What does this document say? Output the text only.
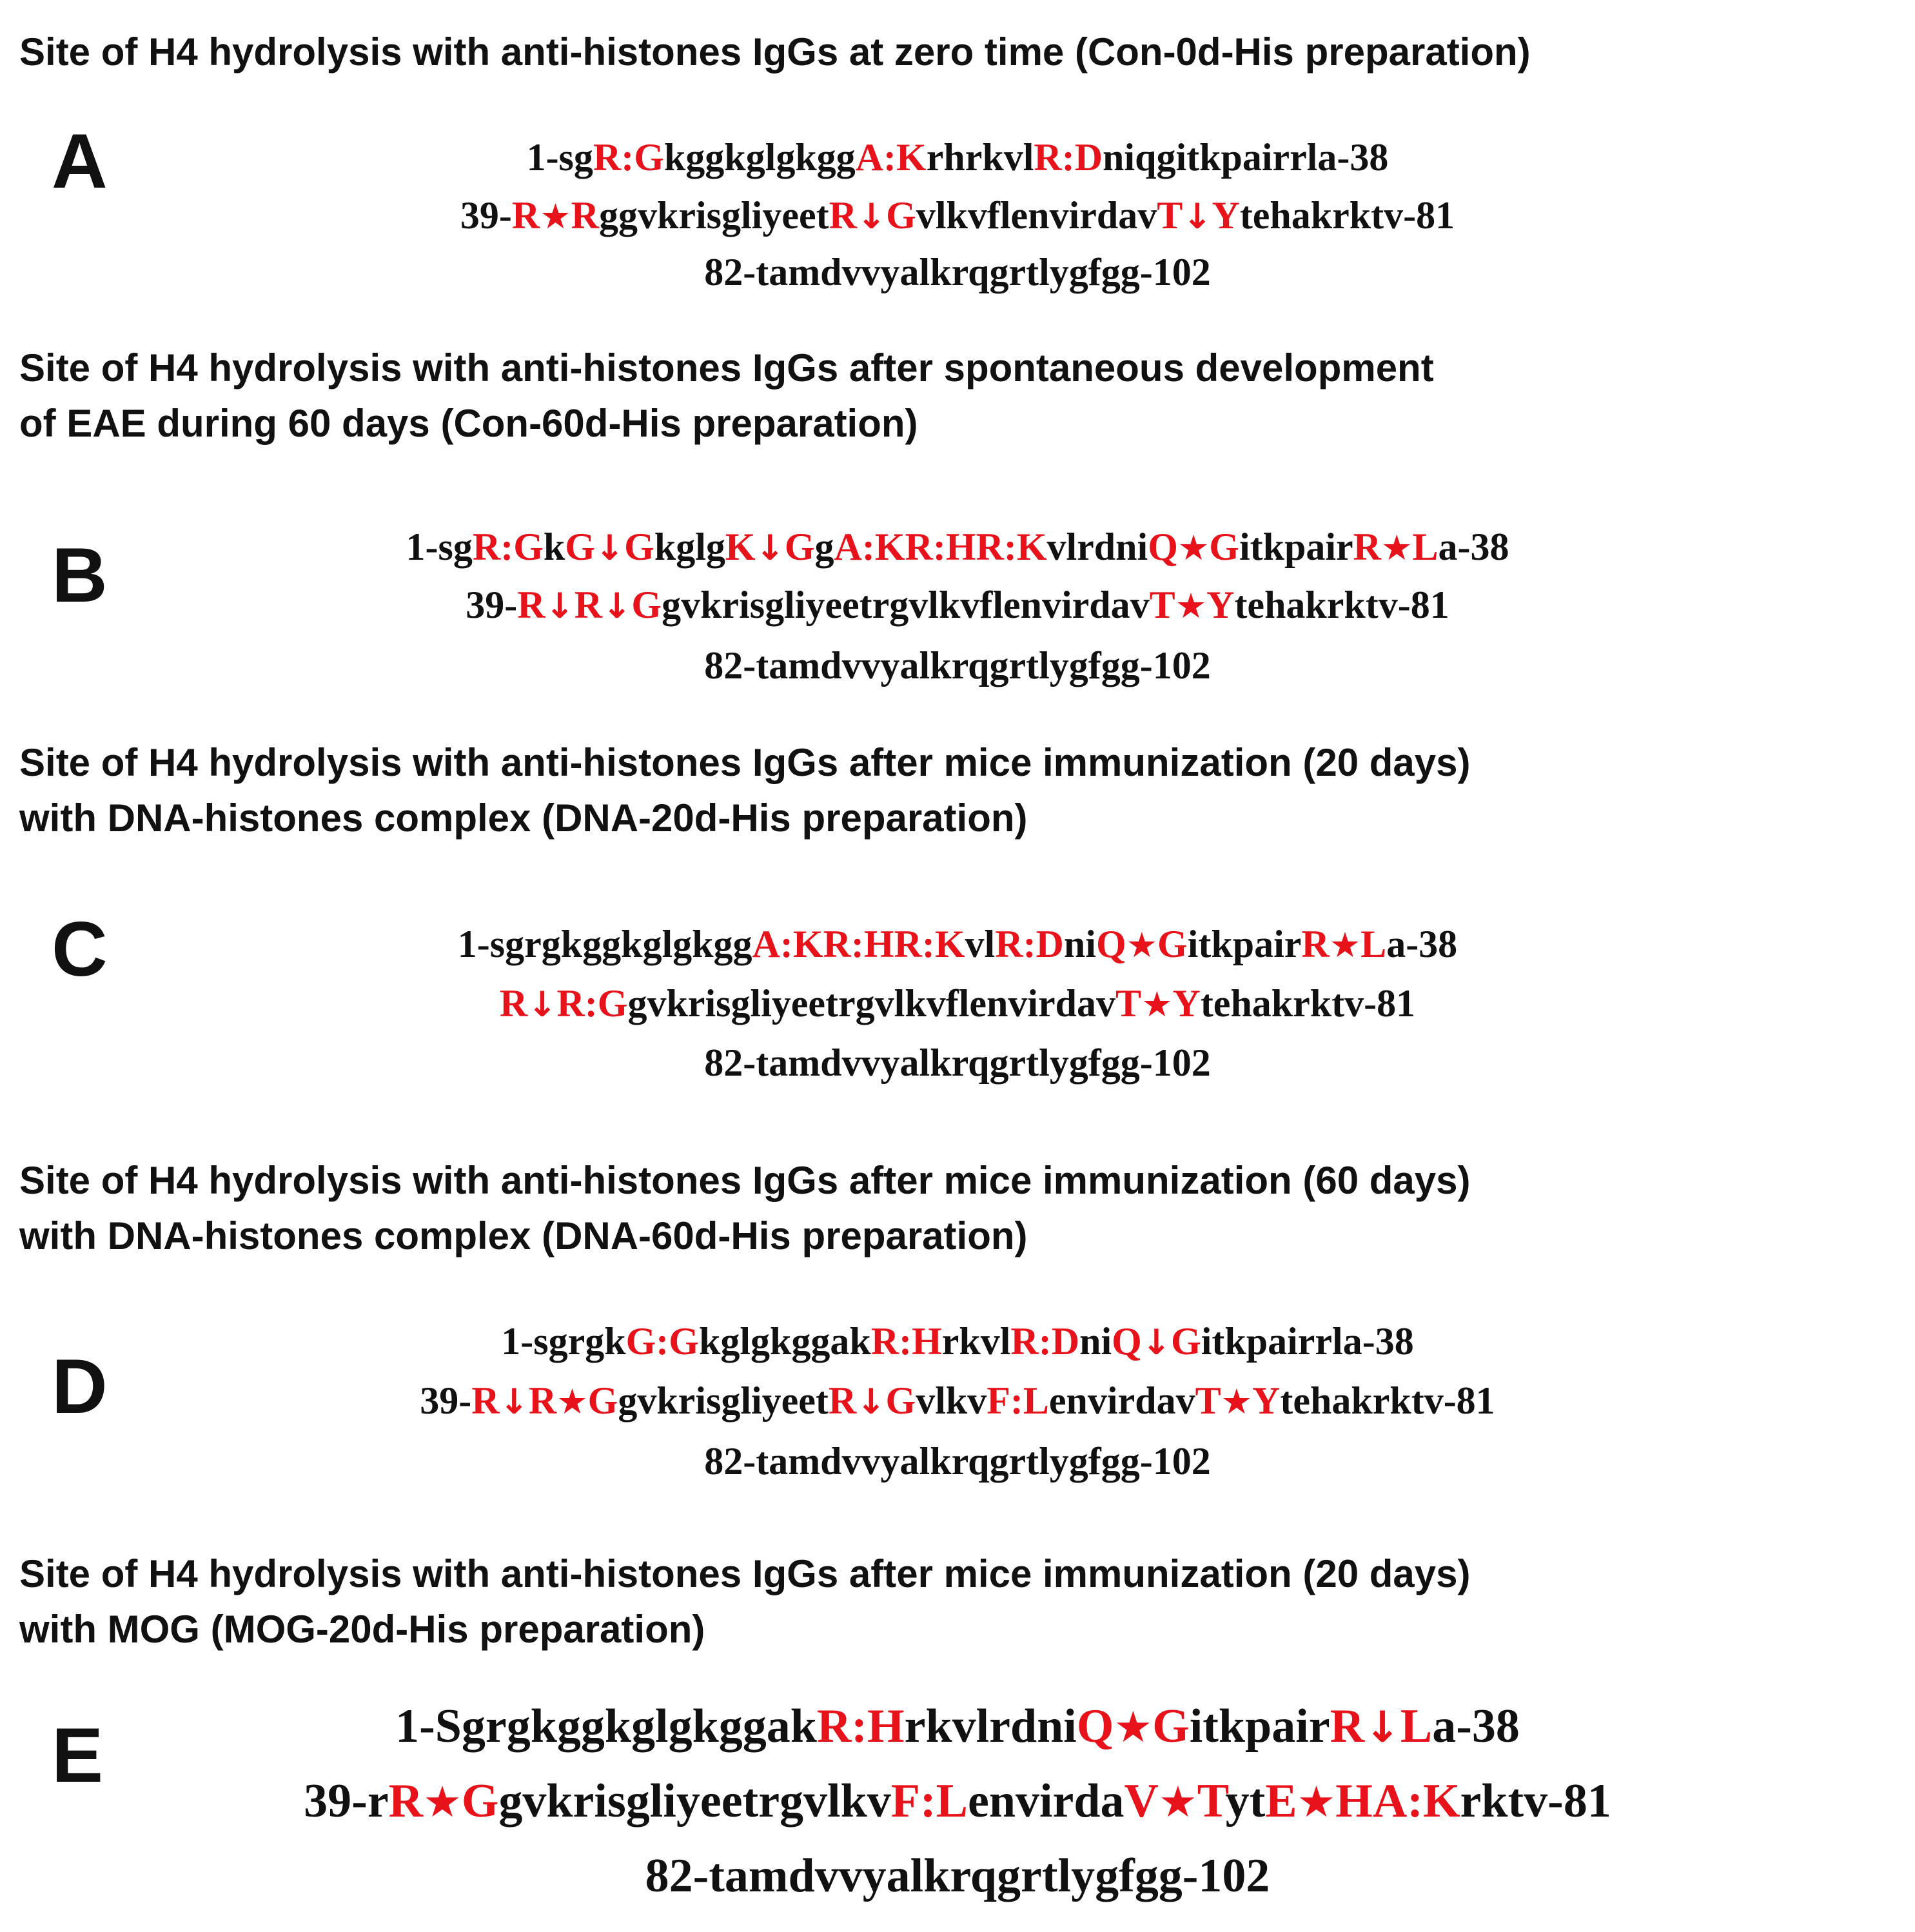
Site of H4 hydrolysis with anti-histones IgGs at zero time (Con-0d-His preparation)
A	1-sgR:GkggkglgkggA:KrhrkvlR:Dniqgitkpairrla-38
39-R★RggvkrisgliyeetR↓GvlkvflenvirdavT↓Ytehakrktv-81
82-tamdvvyalkrqgrtlygfgg-102
Site of H4 hydrolysis with anti-histones IgGs after spontaneous development
of EAE during 60 days (Con-60d-His preparation)
B	1-sgR:GkG↓GkglgK↓GgA:KR:HR:KvlrdniQ★GitkpairR★La-38
39-R↓R↓GgvkrisgliyeetrgvlkvflenvirdavT★Ytehakrktv-81
82-tamdvvyalkrqgrtlygfgg-102
Site of H4 hydrolysis with anti-histones IgGs after mice immunization (20 days)
with DNA-histones complex (DNA-20d-His preparation)
C	1-sgrgkggkglgkggA:KR:HR:KvlR:DniQ★GitkpairR★La-38
R↓R:GgvkrisgliyeetrgvlkvflenvirdavT★Ytehakrktv-81
82-tamdvvyalkrqgrtlygfgg-102
Site of H4 hydrolysis with anti-histones IgGs after mice immunization (60 days)
with DNA-histones complex (DNA-60d-His preparation)
D
1-sgrgkG:GkglgkggakR:HrkvlR:DniQ↓Gitkpairrla-38
39-R↓R★GgvkrisgliyeetR↓GvlkvF:LenvirdavT★Ytehakrktv-81
82-tamdvvyalkrqgrtlygfgg-102
Site of H4 hydrolysis with anti-histones IgGs after mice immunization (20 days)
with MOG (MOG-20d-His preparation)
E	1-SgrgkggkglgkggakR:HrkvlrdniQ★GitkpairR↓La-38
39-rR★GgvkrisgliyeetrgvlkvF:LenvirdaV★TytE★HA:Krktv-81
82-tamdvvyalkrqgrtlygfgg-102
